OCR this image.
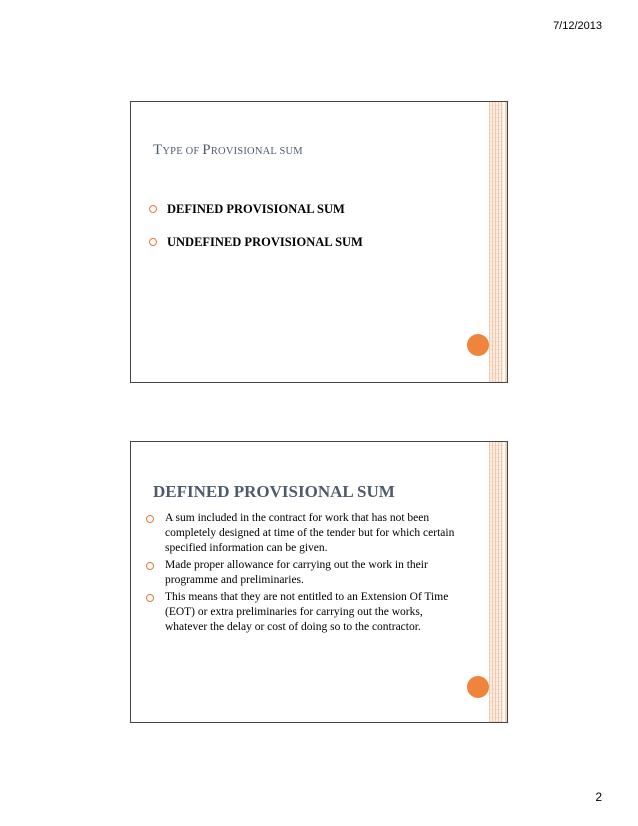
7/12/2013
TYPE OF PROVISIONAL SUM
DEFINED PROVISIONAL SUM
UNDEFINED PROVISIONAL SUM
DEFINED PROVISIONAL SUM
A sum included in the contract for work that has not been completely designed at time of the tender but for which certain specified information can be given.
Made proper allowance for carrying out the work in their programme and preliminaries.
This means that they are not entitled to an Extension Of Time (EOT) or extra preliminaries for carrying out the works, whatever the delay or cost of doing so to the contractor.
2
